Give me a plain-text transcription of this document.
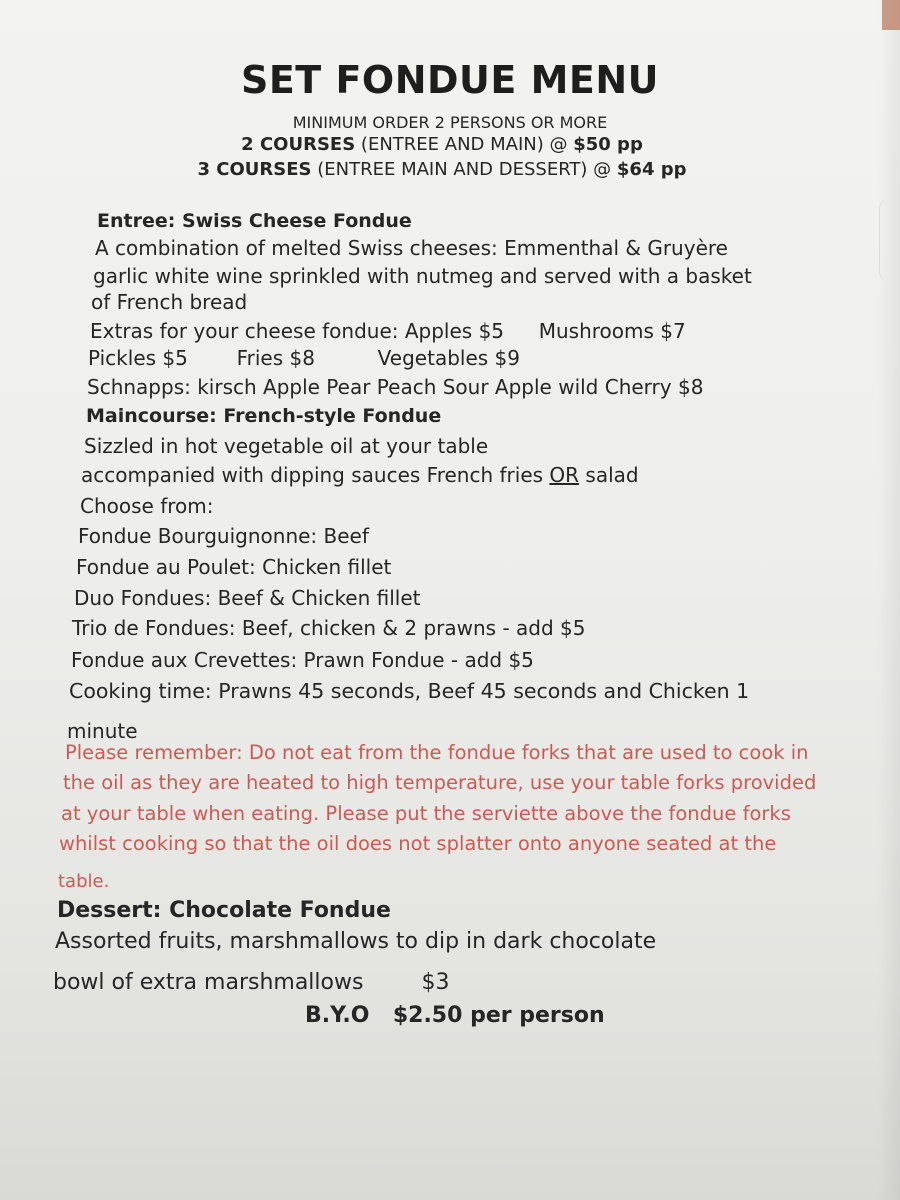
SET FONDUE MENU
MINIMUM ORDER 2 PERSONS OR MORE
2 COURSES (ENTREE AND MAIN) @ $50 pp
3 COURSES (ENTREE MAIN AND DESSERT) @ $64 pp
Entree: Swiss Cheese Fondue
A combination of melted Swiss cheeses: Emmenthal & Gruyère
garlic white wine sprinkled with nutmeg and served with a basket
of French bread
Extras for your cheese fondue: Apples $5 Mushrooms $7
Pickles $5 Fries $8	Vegetables $9
Schnapps: kirsch Apple Pear Peach Sour Apple wild Cherry $8
Maincourse: French-style Fondue
Sizzled in hot vegetable oil at your table
accompanied with dipping sauces French fries OR salad
Choose from:
Fondue Bourguignonne: Beef
Fondue au Poulet: Chicken fillet
Duo Fondues: Beef & Chicken fillet
Trio de Fondues: Beef, chicken & 2 prawns - add $5
Fondue aux Crevettes: Prawn Fondue - add $5
Cooking time: Prawns 45 seconds, Beef 45 seconds and Chicken 1
minute
Please remember: Do not eat from the fondue forks that are used to cook in
the oil as they are heated to high temperature, use your table forks provided
at your table when eating. Please put the serviette above the fondue forks
whilst cooking so that the oil does not splatter onto anyone seated at the
table.
Dessert: Chocolate Fondue
Assorted fruits, marshmallows to dip in dark chocolate
bowl of extra marshmallows	$3
B.Y.O $2.50 per person
